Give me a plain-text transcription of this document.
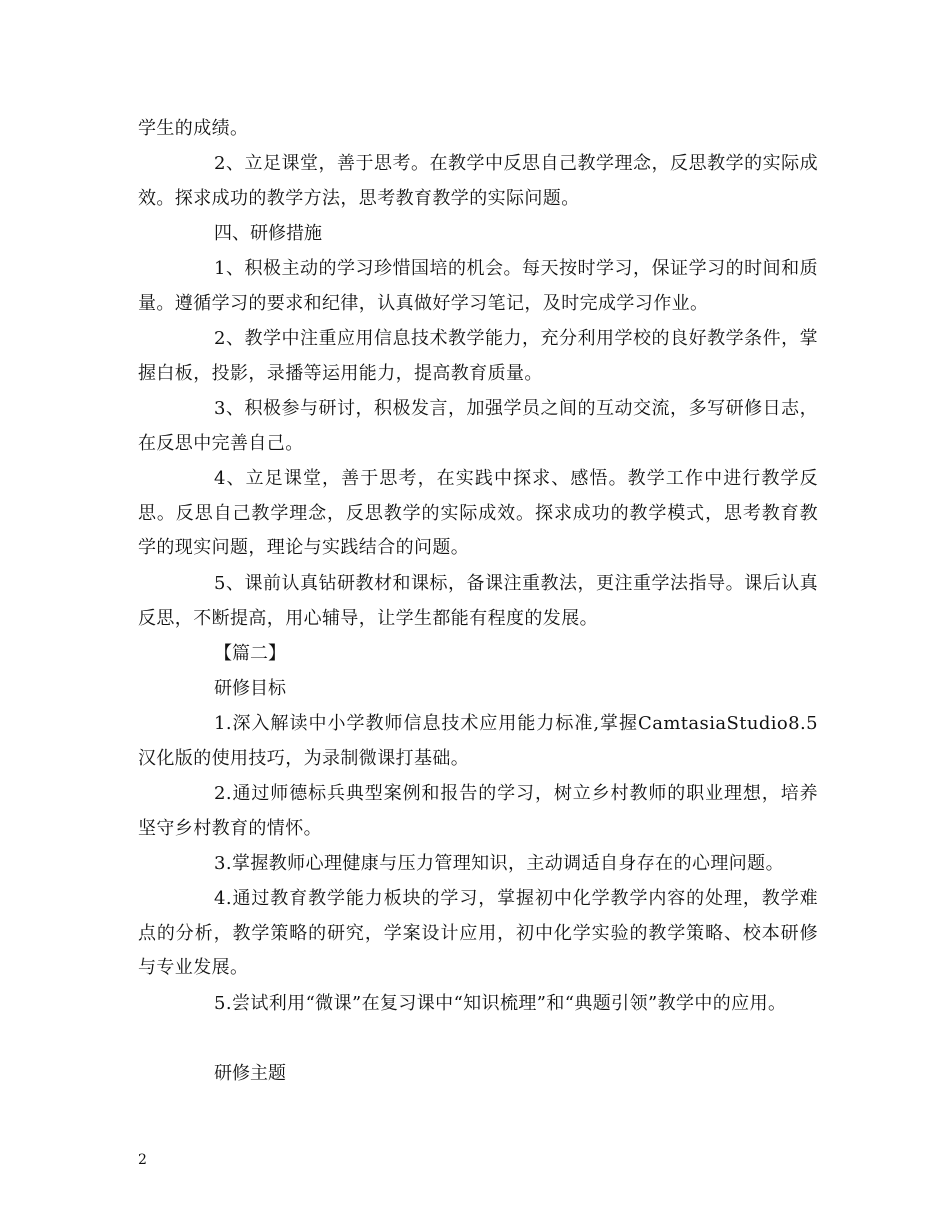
学生的成绩。

2、立足课堂，善于思考。在教学中反思自己教学理念，反思教学的实际成效。探求成功的教学方法，思考教育教学的实际问题。

四、研修措施

1、积极主动的学习珍惜国培的机会。每天按时学习，保证学习的时间和质量。遵循学习的要求和纪律，认真做好学习笔记，及时完成学习作业。

2、教学中注重应用信息技术教学能力，充分利用学校的良好教学条件，掌握白板，投影，录播等运用能力，提高教育质量。

3、积极参与研讨，积极发言，加强学员之间的互动交流，多写研修日志，在反思中完善自己。

4、立足课堂，善于思考，在实践中探求、感悟。教学工作中进行教学反思。反思自己教学理念，反思教学的实际成效。探求成功的教学模式，思考教育教学的现实问题，理论与实践结合的问题。

5、课前认真钻研教材和课标，备课注重教法，更注重学法指导。课后认真反思，不断提高，用心辅导，让学生都能有程度的发展。

【篇二】

研修目标

1.深入解读中小学教师信息技术应用能力标准,掌握CamtasiaStudio8.5汉化版的使用技巧，为录制微课打基础。

2.通过师德标兵典型案例和报告的学习，树立乡村教师的职业理想，培养坚守乡村教育的情怀。

3.掌握教师心理健康与压力管理知识，主动调适自身存在的心理问题。

4.通过教育教学能力板块的学习，掌握初中化学教学内容的处理，教学难点的分析，教学策略的研究，学案设计应用，初中化学实验的教学策略、校本研修与专业发展。

5.尝试利用“微课”在复习课中“知识梳理”和“典题引领”教学中的应用。

研修主题

2
